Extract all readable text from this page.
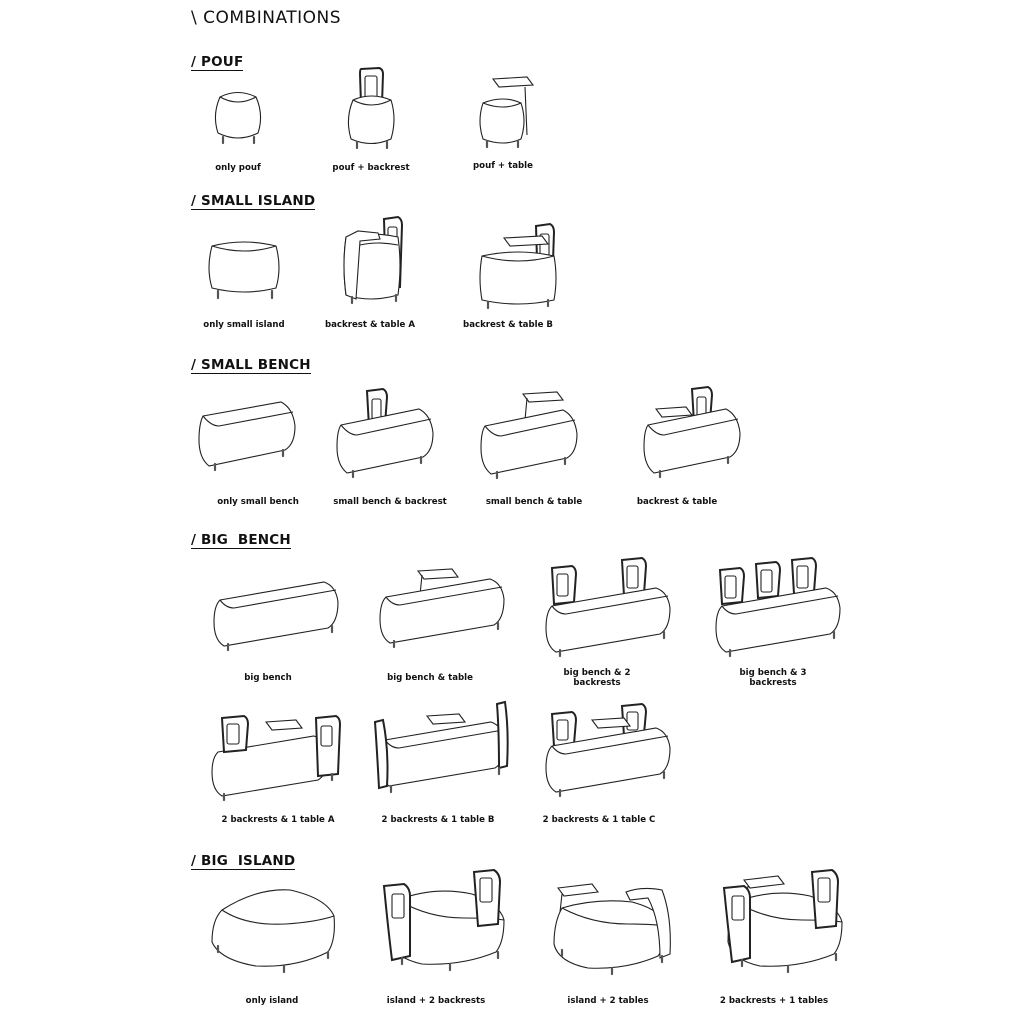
\ COMBINATIONS
/ POUF
only pouf	pouf + backrest	pouf + table
/ SMALL ISLAND
only small island	backrest & table A	backrest & table B
/ SMALL BENCH
only small bench	small bench & backrest	small bench & table	backrest & table
/ BIG  BENCH
big bench	big bench & table	big bench & 2 backrests
big bench & 3 backrests
2 backrests & 1 table A	2 backrests & 1 table B	2 backrests & 1 table C
/ BIG  ISLAND
only island	island + 2 backrests	island + 2 tables	2 backrests + 1 tables
